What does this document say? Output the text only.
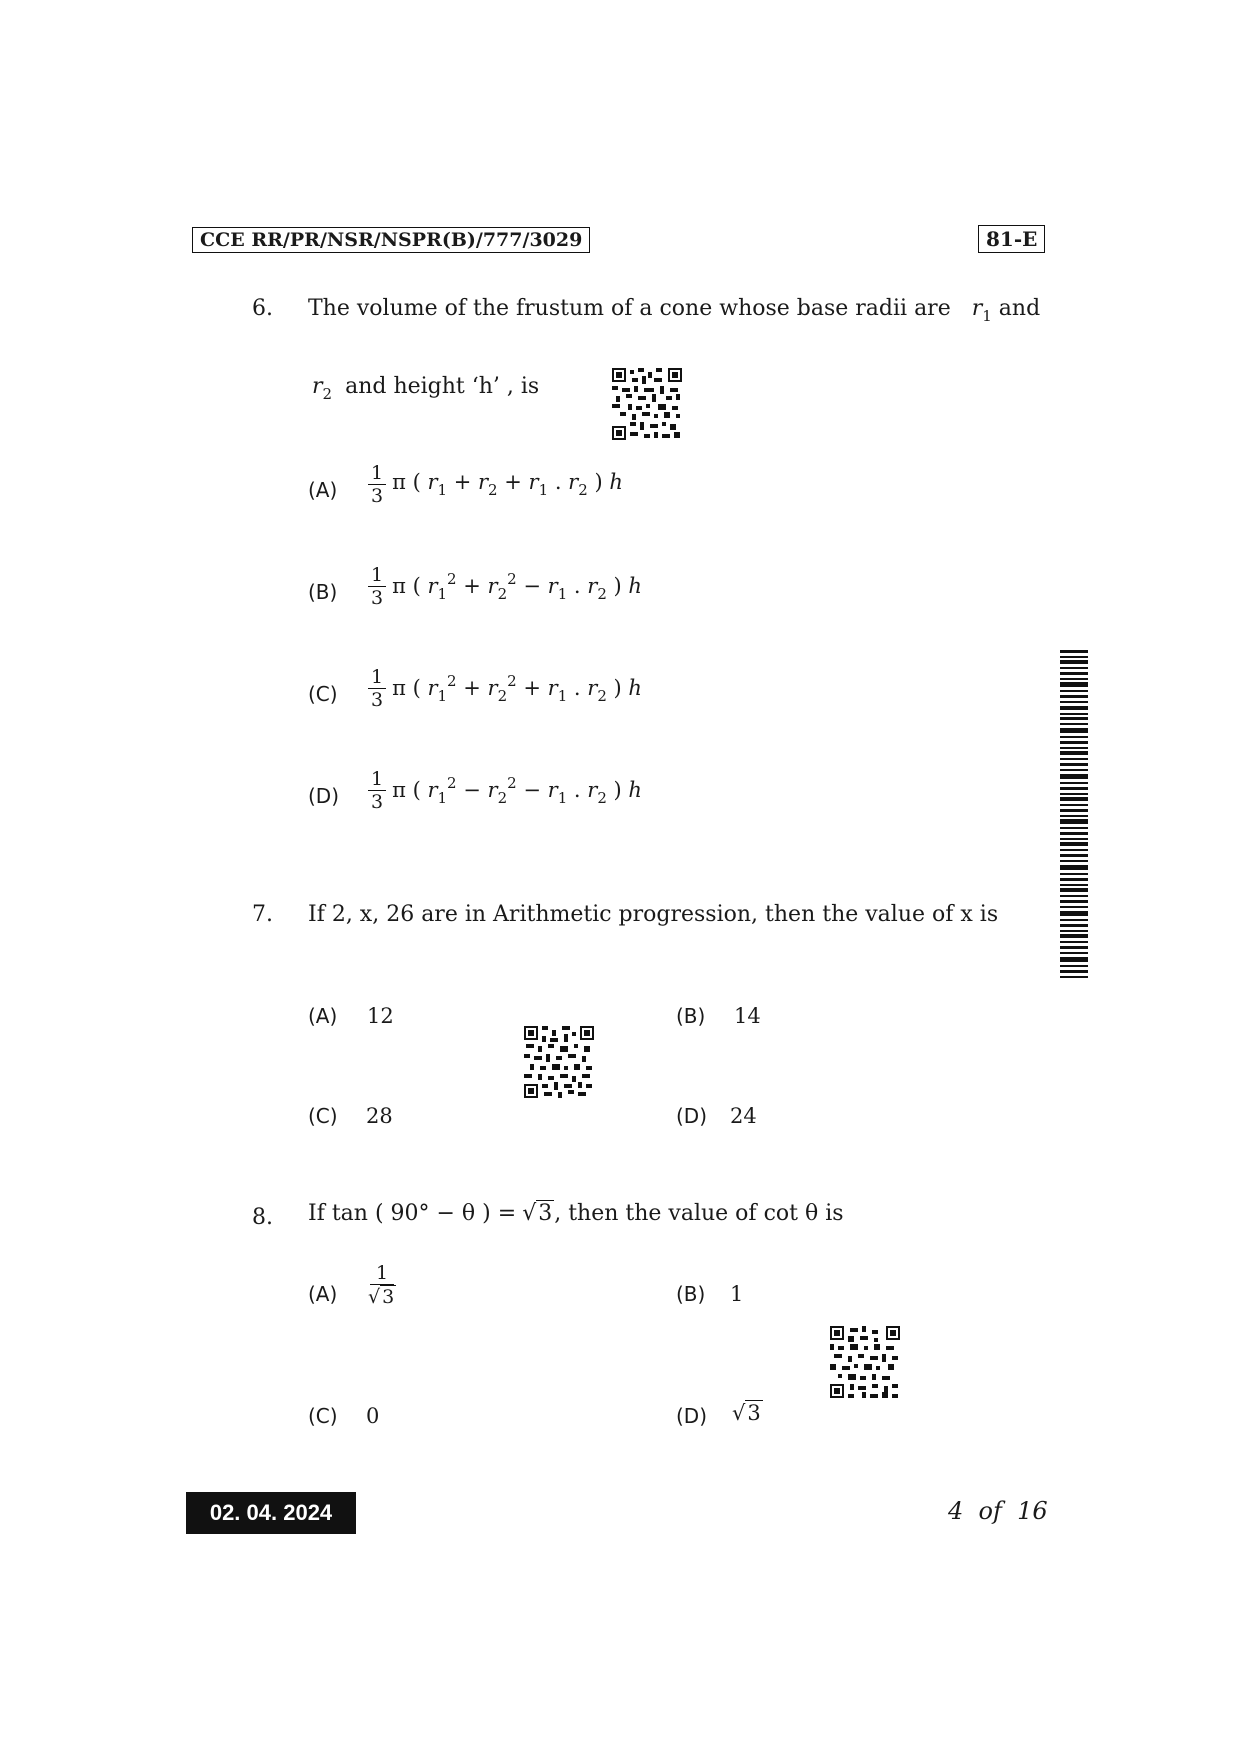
CCE RR/PR/NSR/NSPR(B)/777/3029	81-E
6. The volume of the frustum of a cone whose base radii are $r_1$ and
$r_2$ and height ‘h’ , is
$(A) \frac{1}{3}$ π ( $r_1 + r_2 + r_1$ . $r_2$ ) h
$(B) \frac{1}{3}$ π ( $r_1^2 + r_2^2 - r_1$ . $r_2$ ) h
$(C) \frac{1}{3}$ π ( $r_1^2 + r_2^2 + r_1$ . $r_2$ ) h
$(D) \frac{1}{3}$ π ( $r_1^2 - r_2^2 - r_1$ . $r_2$ ) h
7. If 2, x, 26 are in Arithmetic progression, then the value of x is
(A) 12	(B) 14
(C) 28	(D) 24
8. If tan ( 90° − θ ) = √ 3 , then the value of cot θ is
$(A) \frac{1}{√ 3}$	(B) 1
(C) 0	(D) √ 3
02. 04. 2024	4  of  16
